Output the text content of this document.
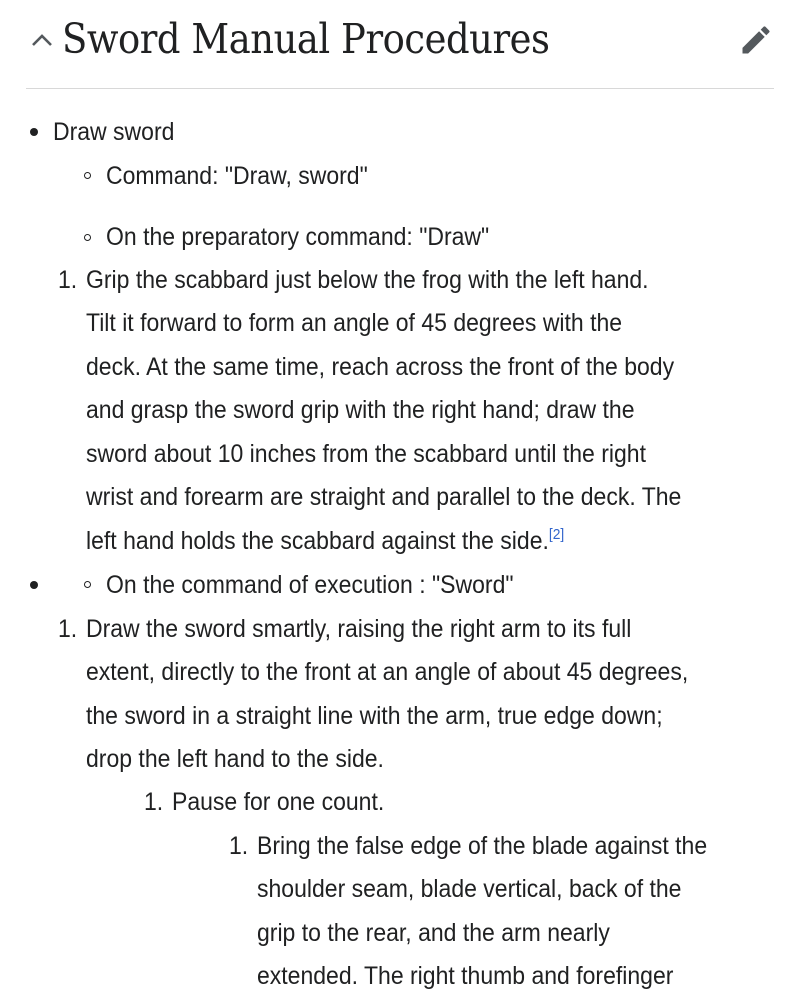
Sword Manual Procedures
Draw sword
Command: "Draw, sword"
On the preparatory command: "Draw"
1. Grip the scabbard just below the frog with the left hand.
Tilt it forward to form an angle of 45 degrees with the
deck. At the same time, reach across the front of the body
and grasp the sword grip with the right hand; draw the
sword about 10 inches from the scabbard until the right
wrist and forearm are straight and parallel to the deck. The
left hand holds the scabbard against the side.[2]
On the command of execution : "Sword"
1. Draw the sword smartly, raising the right arm to its full
extent, directly to the front at an angle of about 45 degrees,
the sword in a straight line with the arm, true edge down;
drop the left hand to the side.
1. Pause for one count.
1. Bring the false edge of the blade against the
shoulder seam, blade vertical, back of the
grip to the rear, and the arm nearly
extended. The right thumb and forefinger
